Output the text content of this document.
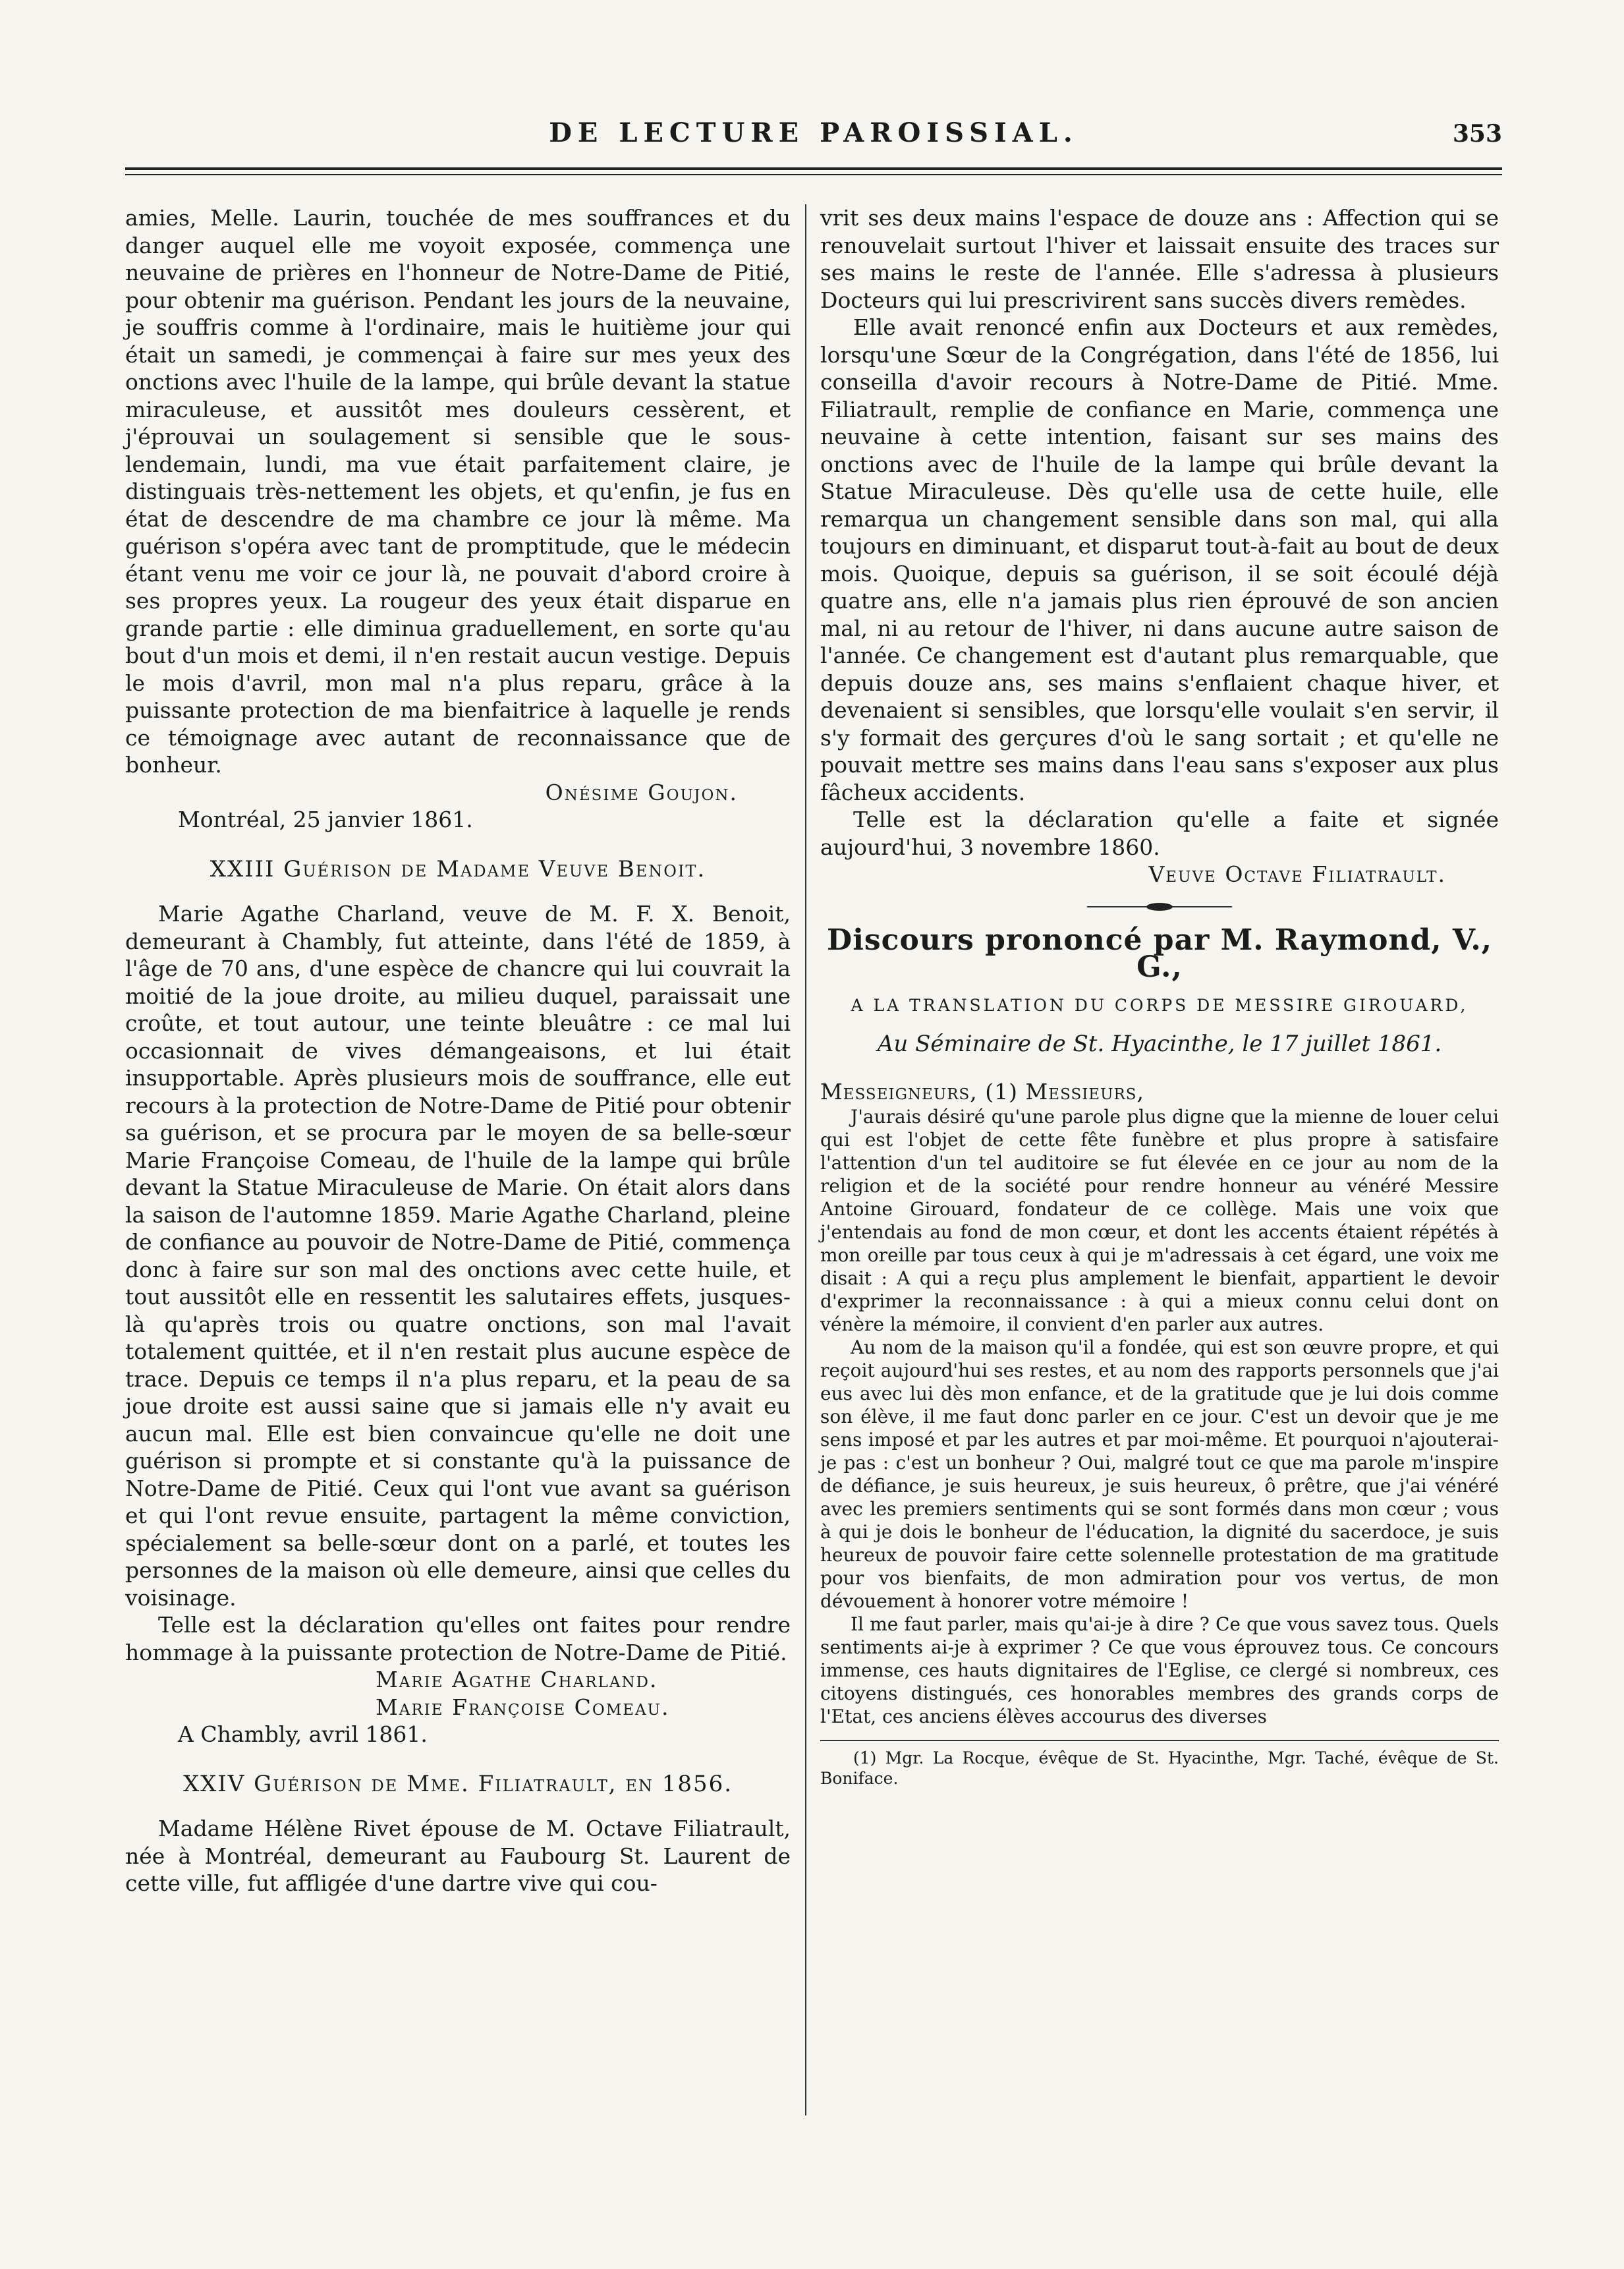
DE LECTURE PAROISSIAL.	353

amies, Melle. Laurin, touchée de mes souffrances et du danger auquel elle me voyoit exposée, commença une neuvaine de prières en l'honneur de Notre-Dame de Pitié, pour obtenir ma guérison. Pendant les jours de la neuvaine, je souffris comme à l'ordinaire, mais le huitième jour qui était un samedi, je commençai à faire sur mes yeux des onctions avec l'huile de la lampe, qui brûle devant la statue miraculeuse, et aussitôt mes douleurs cessèrent, et j'éprouvai un soulagement si sensible que le sous-lendemain, lundi, ma vue était parfaitement claire, je distinguais très-nettement les objets, et qu'enfin, je fus en état de descendre de ma chambre ce jour là même. Ma guérison s'opéra avec tant de promptitude, que le médecin étant venu me voir ce jour là, ne pouvait d'abord croire à ses propres yeux. La rougeur des yeux était disparue en grande partie : elle diminua graduellement, en sorte qu'au bout d'un mois et demi, il n'en restait aucun vestige. Depuis le mois d'avril, mon mal n'a plus reparu, grâce à la puissante protection de ma bienfaitrice à laquelle je rends ce témoignage avec autant de reconnaissance que de bonheur.

Onésime Goujon.

Montréal, 25 janvier 1861.

XXIII Guérison de Madame Veuve Benoit.

Marie Agathe Charland, veuve de M. F. X. Benoit, demeurant à Chambly, fut atteinte, dans l'été de 1859, à l'âge de 70 ans, d'une espèce de chancre qui lui couvrait la moitié de la joue droite, au milieu duquel, paraissait une croûte, et tout autour, une teinte bleuâtre : ce mal lui occasionnait de vives démangeaisons, et lui était insupportable. Après plusieurs mois de souffrance, elle eut recours à la protection de Notre-Dame de Pitié pour obtenir sa guérison, et se procura par le moyen de sa belle-sœur Marie Françoise Comeau, de l'huile de la lampe qui brûle devant la Statue Miraculeuse de Marie. On était alors dans la saison de l'automne 1859. Marie Agathe Charland, pleine de confiance au pouvoir de Notre-Dame de Pitié, commença donc à faire sur son mal des onctions avec cette huile, et tout aussitôt elle en ressentit les salutaires effets, jusques-là qu'après trois ou quatre onctions, son mal l'avait totalement quittée, et il n'en restait plus aucune espèce de trace. Depuis ce temps il n'a plus reparu, et la peau de sa joue droite est aussi saine que si jamais elle n'y avait eu aucun mal. Elle est bien convaincue qu'elle ne doit une guérison si prompte et si constante qu'à la puissance de Notre-Dame de Pitié. Ceux qui l'ont vue avant sa guérison et qui l'ont revue ensuite, partagent la même conviction, spécialement sa belle-sœur dont on a parlé, et toutes les personnes de la maison où elle demeure, ainsi que celles du voisinage.

Telle est la déclaration qu'elles ont faites pour rendre hommage à la puissante protection de Notre-Dame de Pitié.

Marie Agathe Charland.

Marie Françoise Comeau.

A Chambly, avril 1861.

XXIV Guérison de Mme. Filiatrault, en 1856.

Madame Hélène Rivet épouse de M. Octave Filiatrault, née à Montréal, demeurant au Faubourg St. Laurent de cette ville, fut affligée d'une dartre vive qui cou-

vrit ses deux mains l'espace de douze ans : Affection qui se renouvelait surtout l'hiver et laissait ensuite des traces sur ses mains le reste de l'année. Elle s'adressa à plusieurs Docteurs qui lui prescrivirent sans succès divers remèdes.

Elle avait renoncé enfin aux Docteurs et aux remèdes, lorsqu'une Sœur de la Congrégation, dans l'été de 1856, lui conseilla d'avoir recours à Notre-Dame de Pitié. Mme. Filiatrault, remplie de confiance en Marie, commença une neuvaine à cette intention, faisant sur ses mains des onctions avec de l'huile de la lampe qui brûle devant la Statue Miraculeuse. Dès qu'elle usa de cette huile, elle remarqua un changement sensible dans son mal, qui alla toujours en diminuant, et disparut tout-à-fait au bout de deux mois. Quoique, depuis sa guérison, il se soit écoulé déjà quatre ans, elle n'a jamais plus rien éprouvé de son ancien mal, ni au retour de l'hiver, ni dans aucune autre saison de l'année. Ce changement est d'autant plus remarquable, que depuis douze ans, ses mains s'enflaient chaque hiver, et devenaient si sensibles, que lorsqu'elle voulait s'en servir, il s'y formait des gerçures d'où le sang sortait ; et qu'elle ne pouvait mettre ses mains dans l'eau sans s'exposer aux plus fâcheux accidents.

Telle est la déclaration qu'elle a faite et signée aujourd'hui, 3 novembre 1860.

Veuve Octave Filiatrault.

Discours prononcé par M. Raymond, V., G.,
A LA TRANSLATION DU CORPS DE MESSIRE GIROUARD,
Au Séminaire de St. Hyacinthe, le 17 juillet 1861.

Messeigneurs, (1) Messieurs,

J'aurais désiré qu'une parole plus digne que la mienne de louer celui qui est l'objet de cette fête funèbre et plus propre à satisfaire l'attention d'un tel auditoire se fut élevée en ce jour au nom de la religion et de la société pour rendre honneur au vénéré Messire Antoine Girouard, fondateur de ce collège. Mais une voix que j'entendais au fond de mon cœur, et dont les accents étaient répétés à mon oreille par tous ceux à qui je m'adressais à cet égard, une voix me disait : A qui a reçu plus amplement le bienfait, appartient le devoir d'exprimer la reconnaissance : à qui a mieux connu celui dont on vénère la mémoire, il convient d'en parler aux autres.

Au nom de la maison qu'il a fondée, qui est son œuvre propre, et qui reçoit aujourd'hui ses restes, et au nom des rapports personnels que j'ai eus avec lui dès mon enfance, et de la gratitude que je lui dois comme son élève, il me faut donc parler en ce jour. C'est un devoir que je me sens imposé et par les autres et par moi-même. Et pourquoi n'ajouterai-je pas : c'est un bonheur ? Oui, malgré tout ce que ma parole m'inspire de défiance, je suis heureux, je suis heureux, ô prêtre, que j'ai vénéré avec les premiers sentiments qui se sont formés dans mon cœur ; vous à qui je dois le bonheur de l'éducation, la dignité du sacerdoce, je suis heureux de pouvoir faire cette solennelle protestation de ma gratitude pour vos bienfaits, de mon admiration pour vos vertus, de mon dévouement à honorer votre mémoire !

Il me faut parler, mais qu'ai-je à dire ? Ce que vous savez tous. Quels sentiments ai-je à exprimer ? Ce que vous éprouvez tous. Ce concours immense, ces hauts dignitaires de l'Eglise, ce clergé si nombreux, ces citoyens distingués, ces honorables membres des grands corps de l'Etat, ces anciens élèves accourus des diverses

(1) Mgr. La Rocque, évêque de St. Hyacinthe, Mgr. Taché, évêque de St. Boniface.
